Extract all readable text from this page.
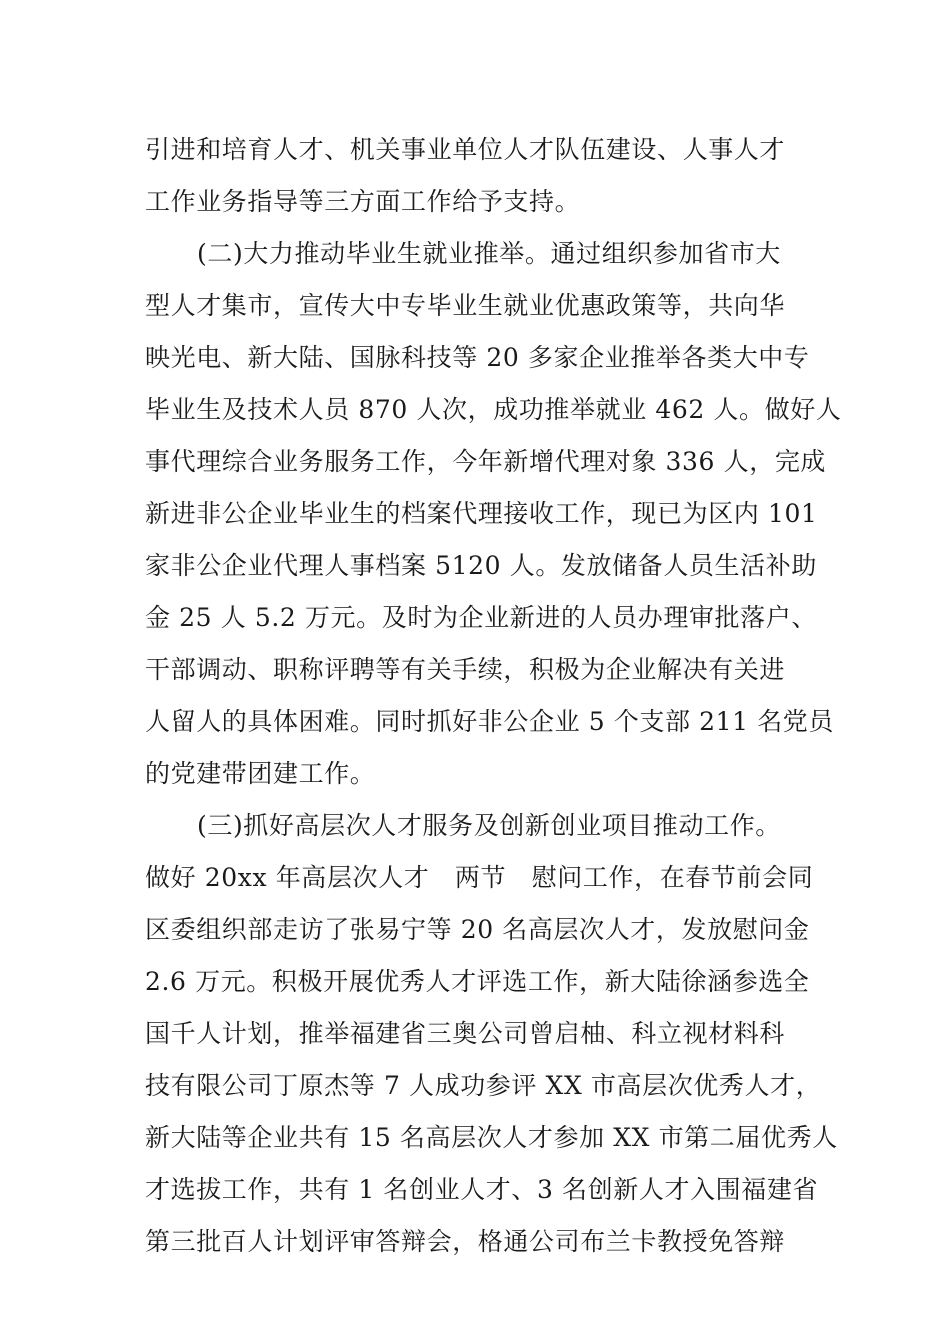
引进和培育人才、机关事业单位人才队伍建设、人事人才
工作业务指导等三方面工作给予支持。
(二)大力推动毕业生就业推举。通过组织参加省市大
型人才集市，宣传大中专毕业生就业优惠政策等，共向华
映光电、新大陆、国脉科技等 20 多家企业推举各类大中专
毕业生及技术人员 870 人次，成功推举就业 462 人。做好人
事代理综合业务服务工作，今年新增代理对象 336 人，完成
新进非公企业毕业生的档案代理接收工作，现已为区内 101
家非公企业代理人事档案 5120 人。发放储备人员生活补助
金 25 人 5.2 万元。及时为企业新进的人员办理审批落户、
干部调动、职称评聘等有关手续，积极为企业解决有关进
人留人的具体困难。同时抓好非公企业 5 个支部 211 名党员
的党建带团建工作。
(三)抓好高层次人才服务及创新创业项目推动工作。
做好 20xx 年高层次人才　两节　慰问工作，在春节前会同
区委组织部走访了张易宁等 20 名高层次人才，发放慰问金
2.6 万元。积极开展优秀人才评选工作，新大陆徐涵参选全
国千人计划，推举福建省三奥公司曾启柚、科立视材料科
技有限公司丁原杰等 7 人成功参评 XX 市高层次优秀人才，
新大陆等企业共有 15 名高层次人才参加 XX 市第二届优秀人
才选拔工作，共有 1 名创业人才、3 名创新人才入围福建省
第三批百人计划评审答辩会，格通公司布兰卡教授免答辩
